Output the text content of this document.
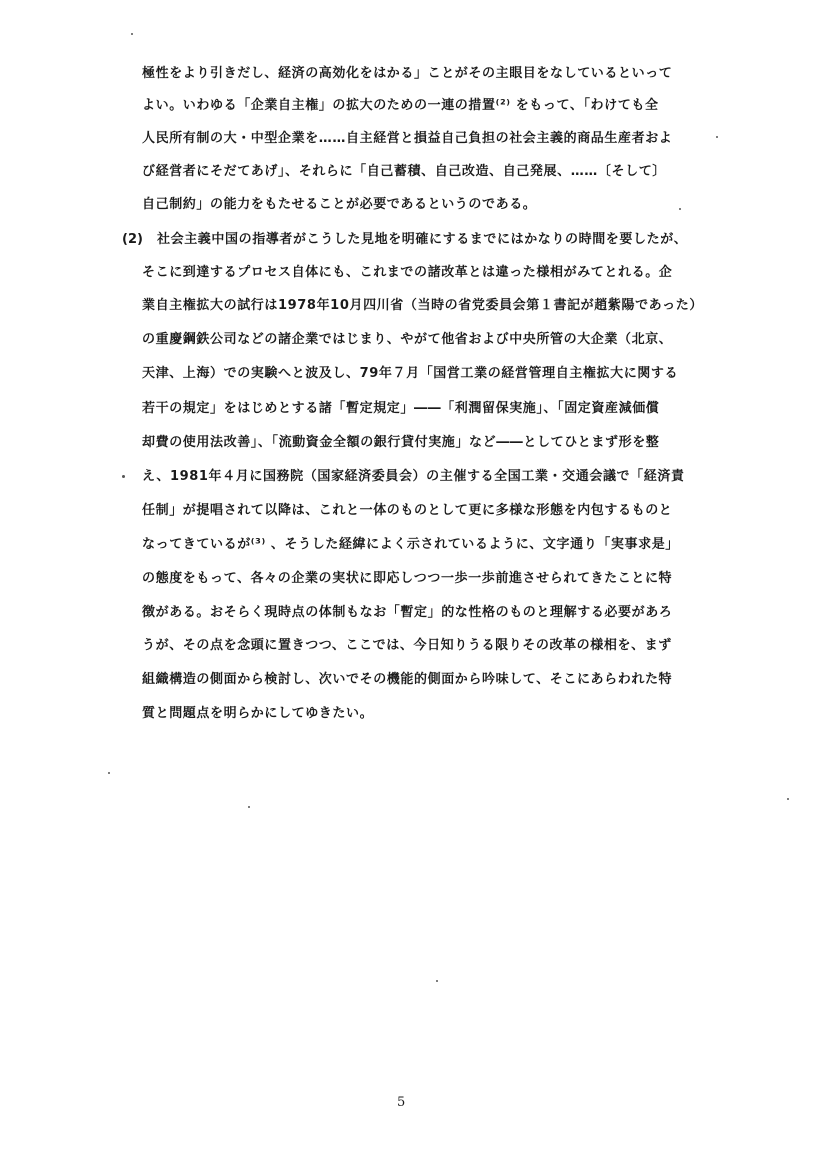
極性をより引きだし、経済の高効化をはかる」ことがその主眼目をなしているといって
よい。いわゆる「企業自主権」の拡大のための一連の措置⁽²⁾ をもって、「わけても全
人民所有制の大・中型企業を……自主経営と損益自己負担の社会主義的商品生産者およ
び経営者にそだてあげ」、それらに「自己蓄積、自己改造、自己発展、……〔そして〕
自己制約」の能力をもたせることが必要であるというのである。
(2) 社会主義中国の指導者がこうした見地を明確にするまでにはかなりの時間を要したが、
そこに到達するプロセス自体にも、これまでの諸改革とは違った様相がみてとれる。企
業自主権拡大の試行は1978年10月四川省（当時の省党委員会第１書記が趙紫陽であった）
の重慶鋼鉄公司などの諸企業ではじまり、やがて他省および中央所管の大企業（北京、
天津、上海）での実験へと波及し、79年７月「国営工業の経営管理自主権拡大に関する
若干の規定」をはじめとする諸「暫定規定」――「利潤留保実施」、「固定資産減価償
却費の使用法改善」、「流動資金全額の銀行貸付実施」など――としてひとまず形を整
え、1981年４月に国務院（国家経済委員会）の主催する全国工業・交通会議で「経済責
任制」が提唱されて以降は、これと一体のものとして更に多様な形態を内包するものと
なってきているが⁽³⁾ 、そうした経緯によく示されているように、文字通り「実事求是」
の態度をもって、各々の企業の実状に即応しつつ一歩一歩前進させられてきたことに特
徴がある。おそらく現時点の体制もなお「暫定」的な性格のものと理解する必要があろ
うが、その点を念頭に置きつつ、ここでは、今日知りうる限りその改革の様相を、まず
組織構造の側面から検討し、次いでその機能的側面から吟味して、そこにあらわれた特
質と問題点を明らかにしてゆきたい。
5
